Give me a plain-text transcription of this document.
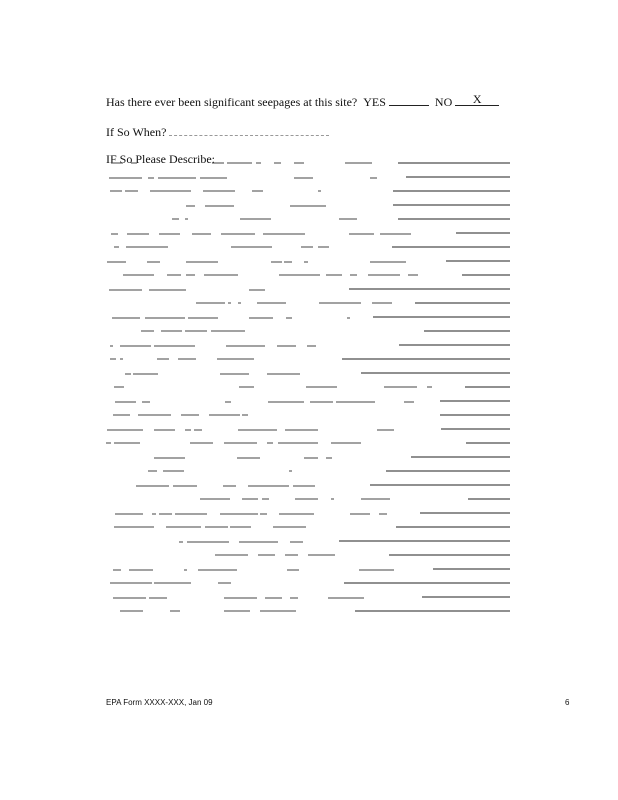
Has there ever been significant seepages at this site? YES	NO	X
If So When?
IF So Please Describe:
EPA Form XXXX-XXX, Jan 09	6
